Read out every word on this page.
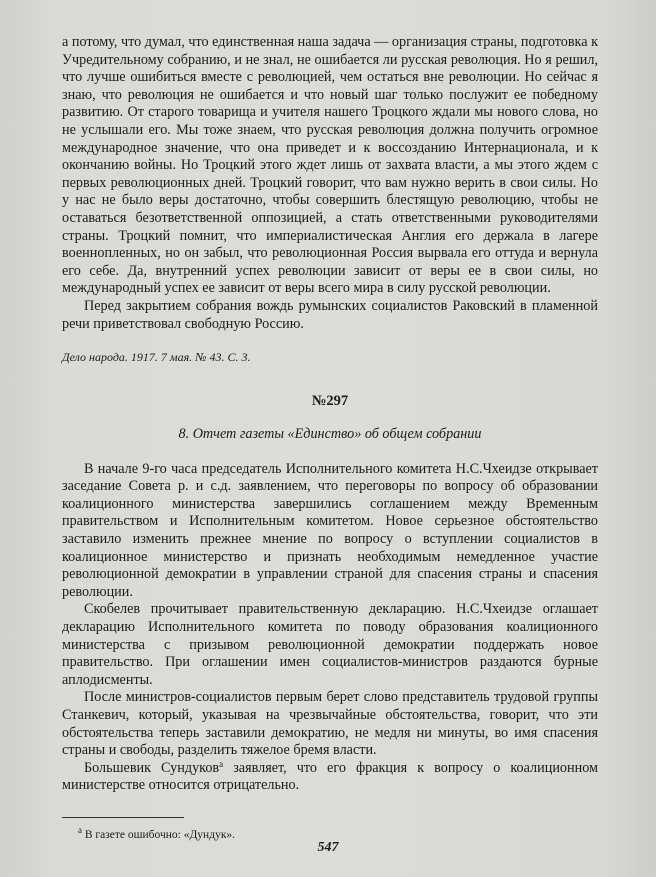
а потому, что думал, что единственная наша задача — организация страны, подготовка к Учредительному собранию, и не знал, не ошибается ли русская революция. Но я решил, что лучше ошибиться вместе с революцией, чем остаться вне революции. Но сейчас я знаю, что революция не ошибается и что новый шаг только послужит ее победному развитию. От старого товарища и учителя нашего Троцкого ждали мы нового слова, но не услышали его. Мы тоже знаем, что русская революция должна получить огромное международное значение, что она приведет и к воссозданию Интернационала, и к окончанию войны. Но Троцкий этого ждет лишь от захвата власти, а мы этого ждем с первых революционных дней. Троцкий говорит, что вам нужно верить в свои силы. Но у нас не было веры достаточно, чтобы совершить блестящую революцию, чтобы не оставаться безответственной оппозицией, а стать ответственными руководителями страны. Троцкий помнит, что империалистическая Англия его держала в лагере военнопленных, но он забыл, что революционная Россия вырвала его оттуда и вернула его себе. Да, внутренний успех революции зависит от веры ее в свои силы, но международный успех ее зависит от веры всего мира в силу русской революции.

Перед закрытием собрания вождь румынских социалистов Раковский в пламенной речи приветствовал свободную Россию.

Дело народа. 1917. 7 мая. № 43. С. 3.

№297
8. Отчет газеты «Единство» об общем собрании

В начале 9-го часа председатель Исполнительного комитета Н.С.Чхеидзе открывает заседание Совета р. и с.д. заявлением, что переговоры по вопросу об образовании коалиционного министерства завершились соглашением между Временным правительством и Исполнительным комитетом. Новое серьезное обстоятельство заставило изменить прежнее мнение по вопросу о вступлении социалистов в коалиционное министерство и признать необходимым немедленное участие революционной демократии в управлении страной для спасения страны и спасения революции.

Скобелев прочитывает правительственную декларацию. Н.С.Чхеидзе оглашает декларацию Исполнительного комитета по поводу образования коалиционного министерства с призывом революционной демократии поддержать новое правительство. При оглашении имен социалистов-министров раздаются бурные аплодисменты.

После министров-социалистов первым берет слово представитель трудовой группы Станкевич, который, указывая на чрезвычайные обстоятельства, говорит, что эти обстоятельства теперь заставили демократию, не медля ни минуты, во имя спасения страны и свободы, разделить тяжелое бремя власти.

Большевик Сундуков$^а$ заявляет, что его фракция к вопросу о коалиционном министерстве относится отрицательно.

$^а$ В газете ошибочно: «Дундук».
547
